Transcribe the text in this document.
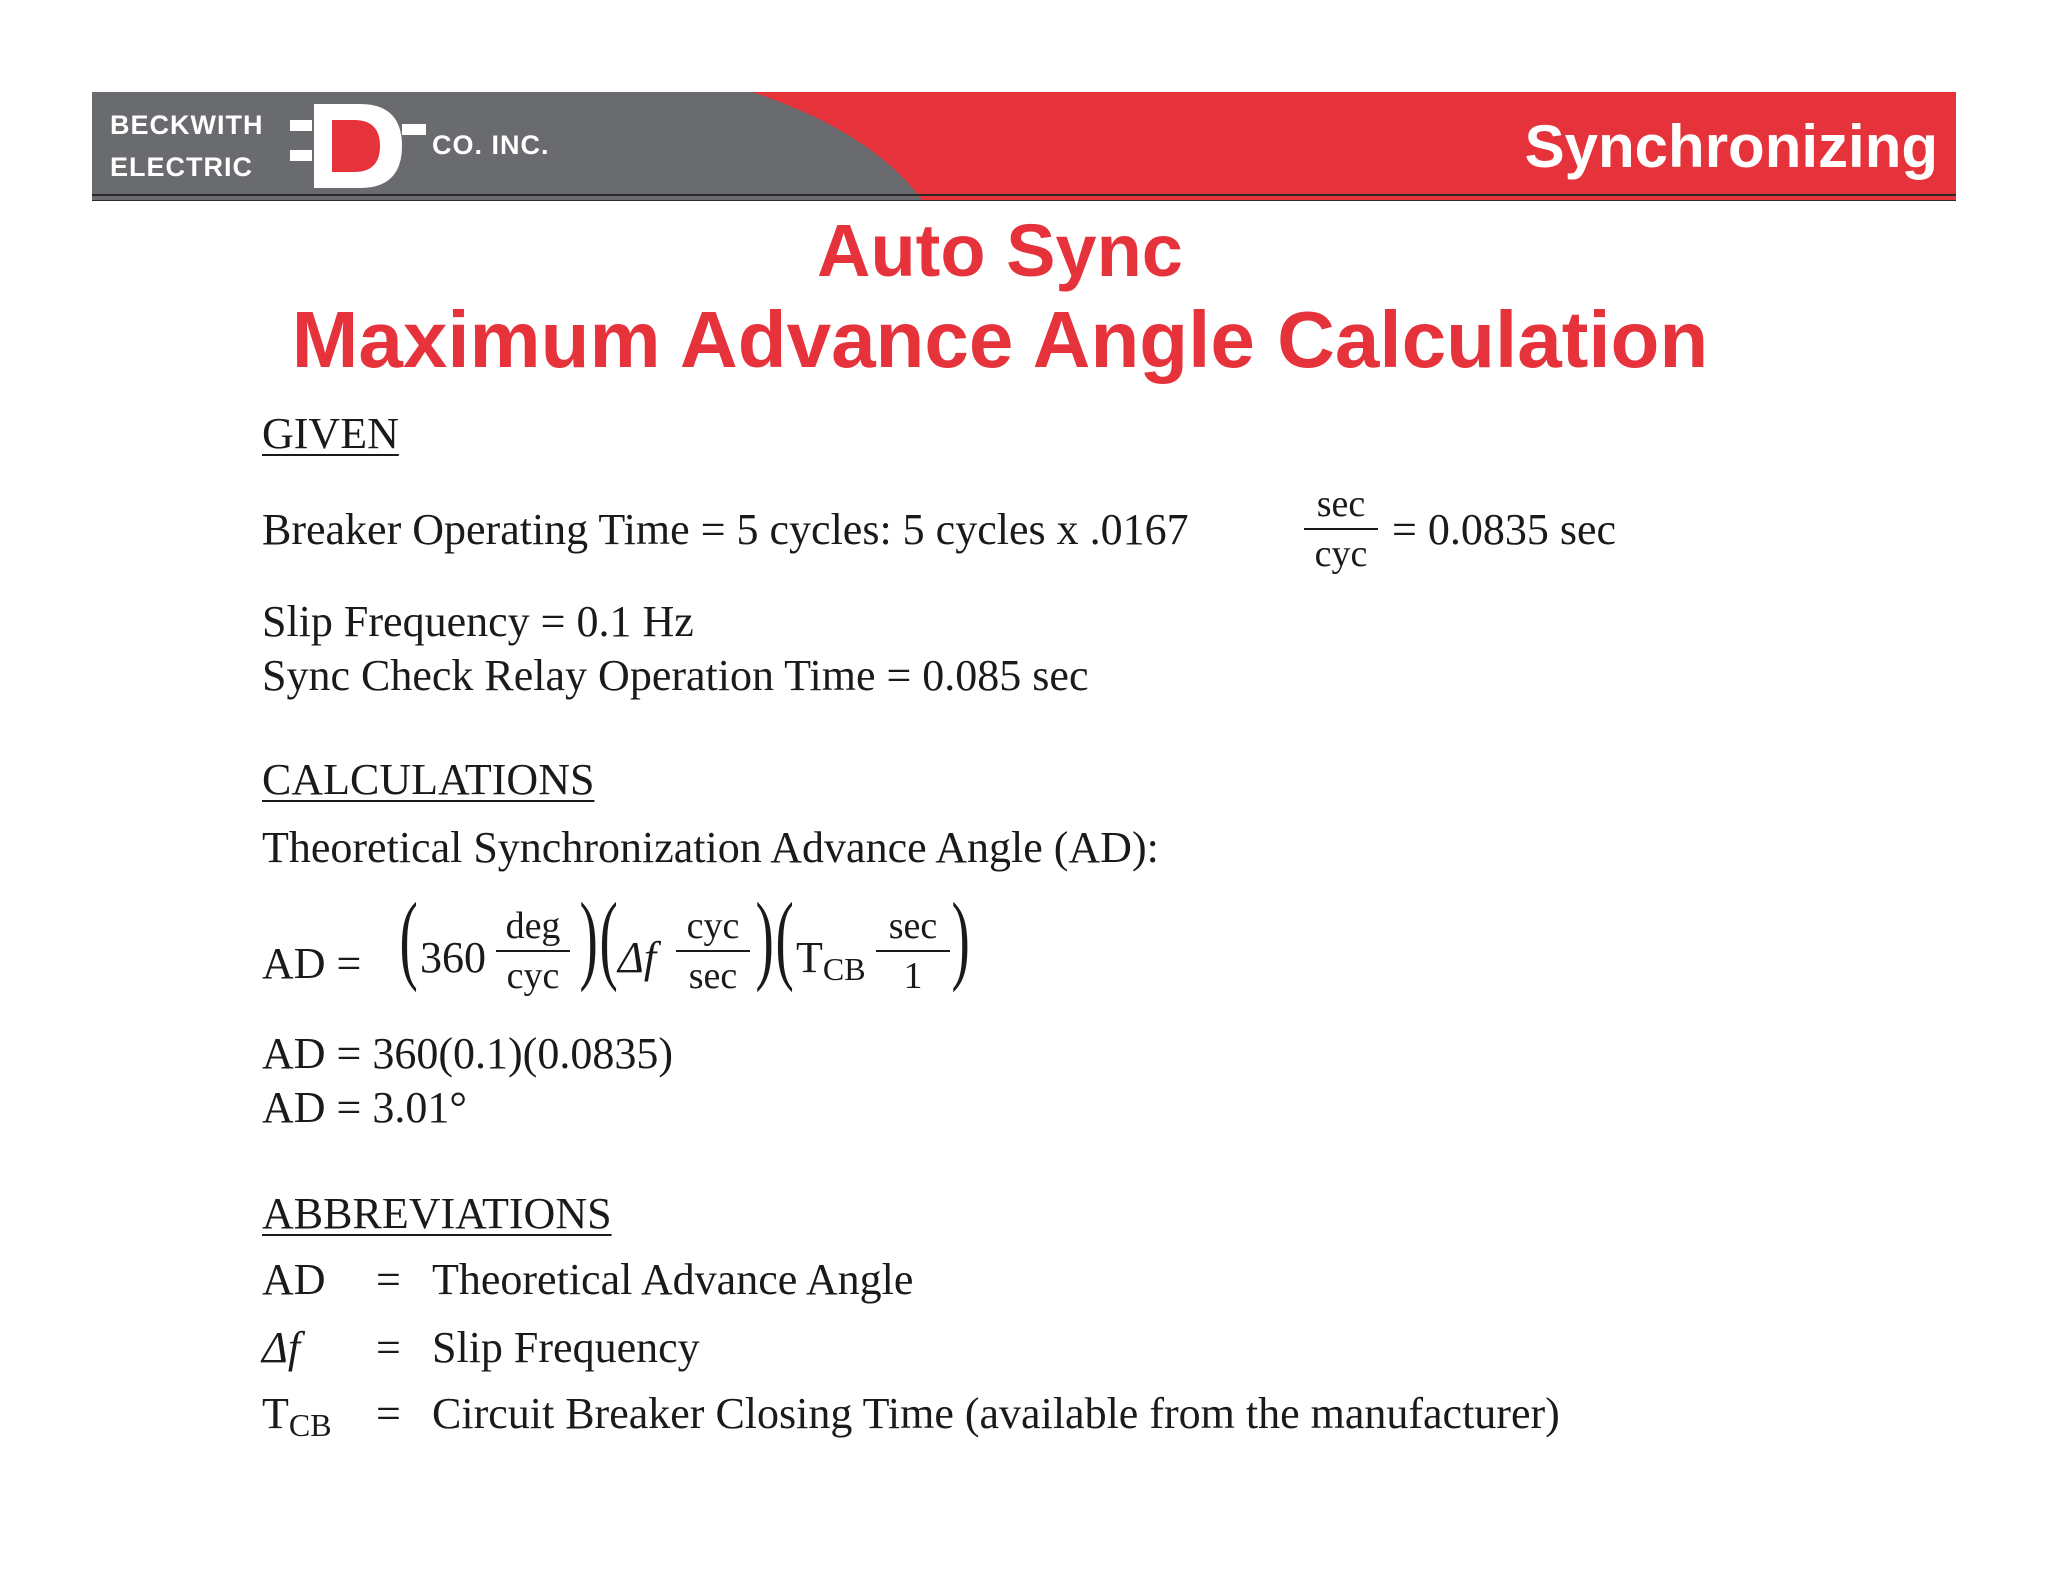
BECKWITH
ELECTRIC
CO. INC.	Synchronizing
Auto Sync
Maximum Advance Angle Calculation
GIVEN
Breaker Operating Time = 5 cycles: 5 cycles x .0167
sec
cyc = 0.0835 sec
Slip Frequency = 0.1 Hz
Sync Check Relay Operation Time = 0.085 sec
CALCULATIONS
Theoretical Synchronization Advance Angle (AD):
AD = ( 360
deg
cyc ) ( Δf
cyc
sec ) ( TCB
sec
1 )
AD = 360(0.1)(0.0835)
AD = 3.01°
ABBREVIATIONS
AD = Theoretical Advance Angle
Δf = Slip Frequency
TCB = Circuit Breaker Closing Time (available from the manufacturer)
